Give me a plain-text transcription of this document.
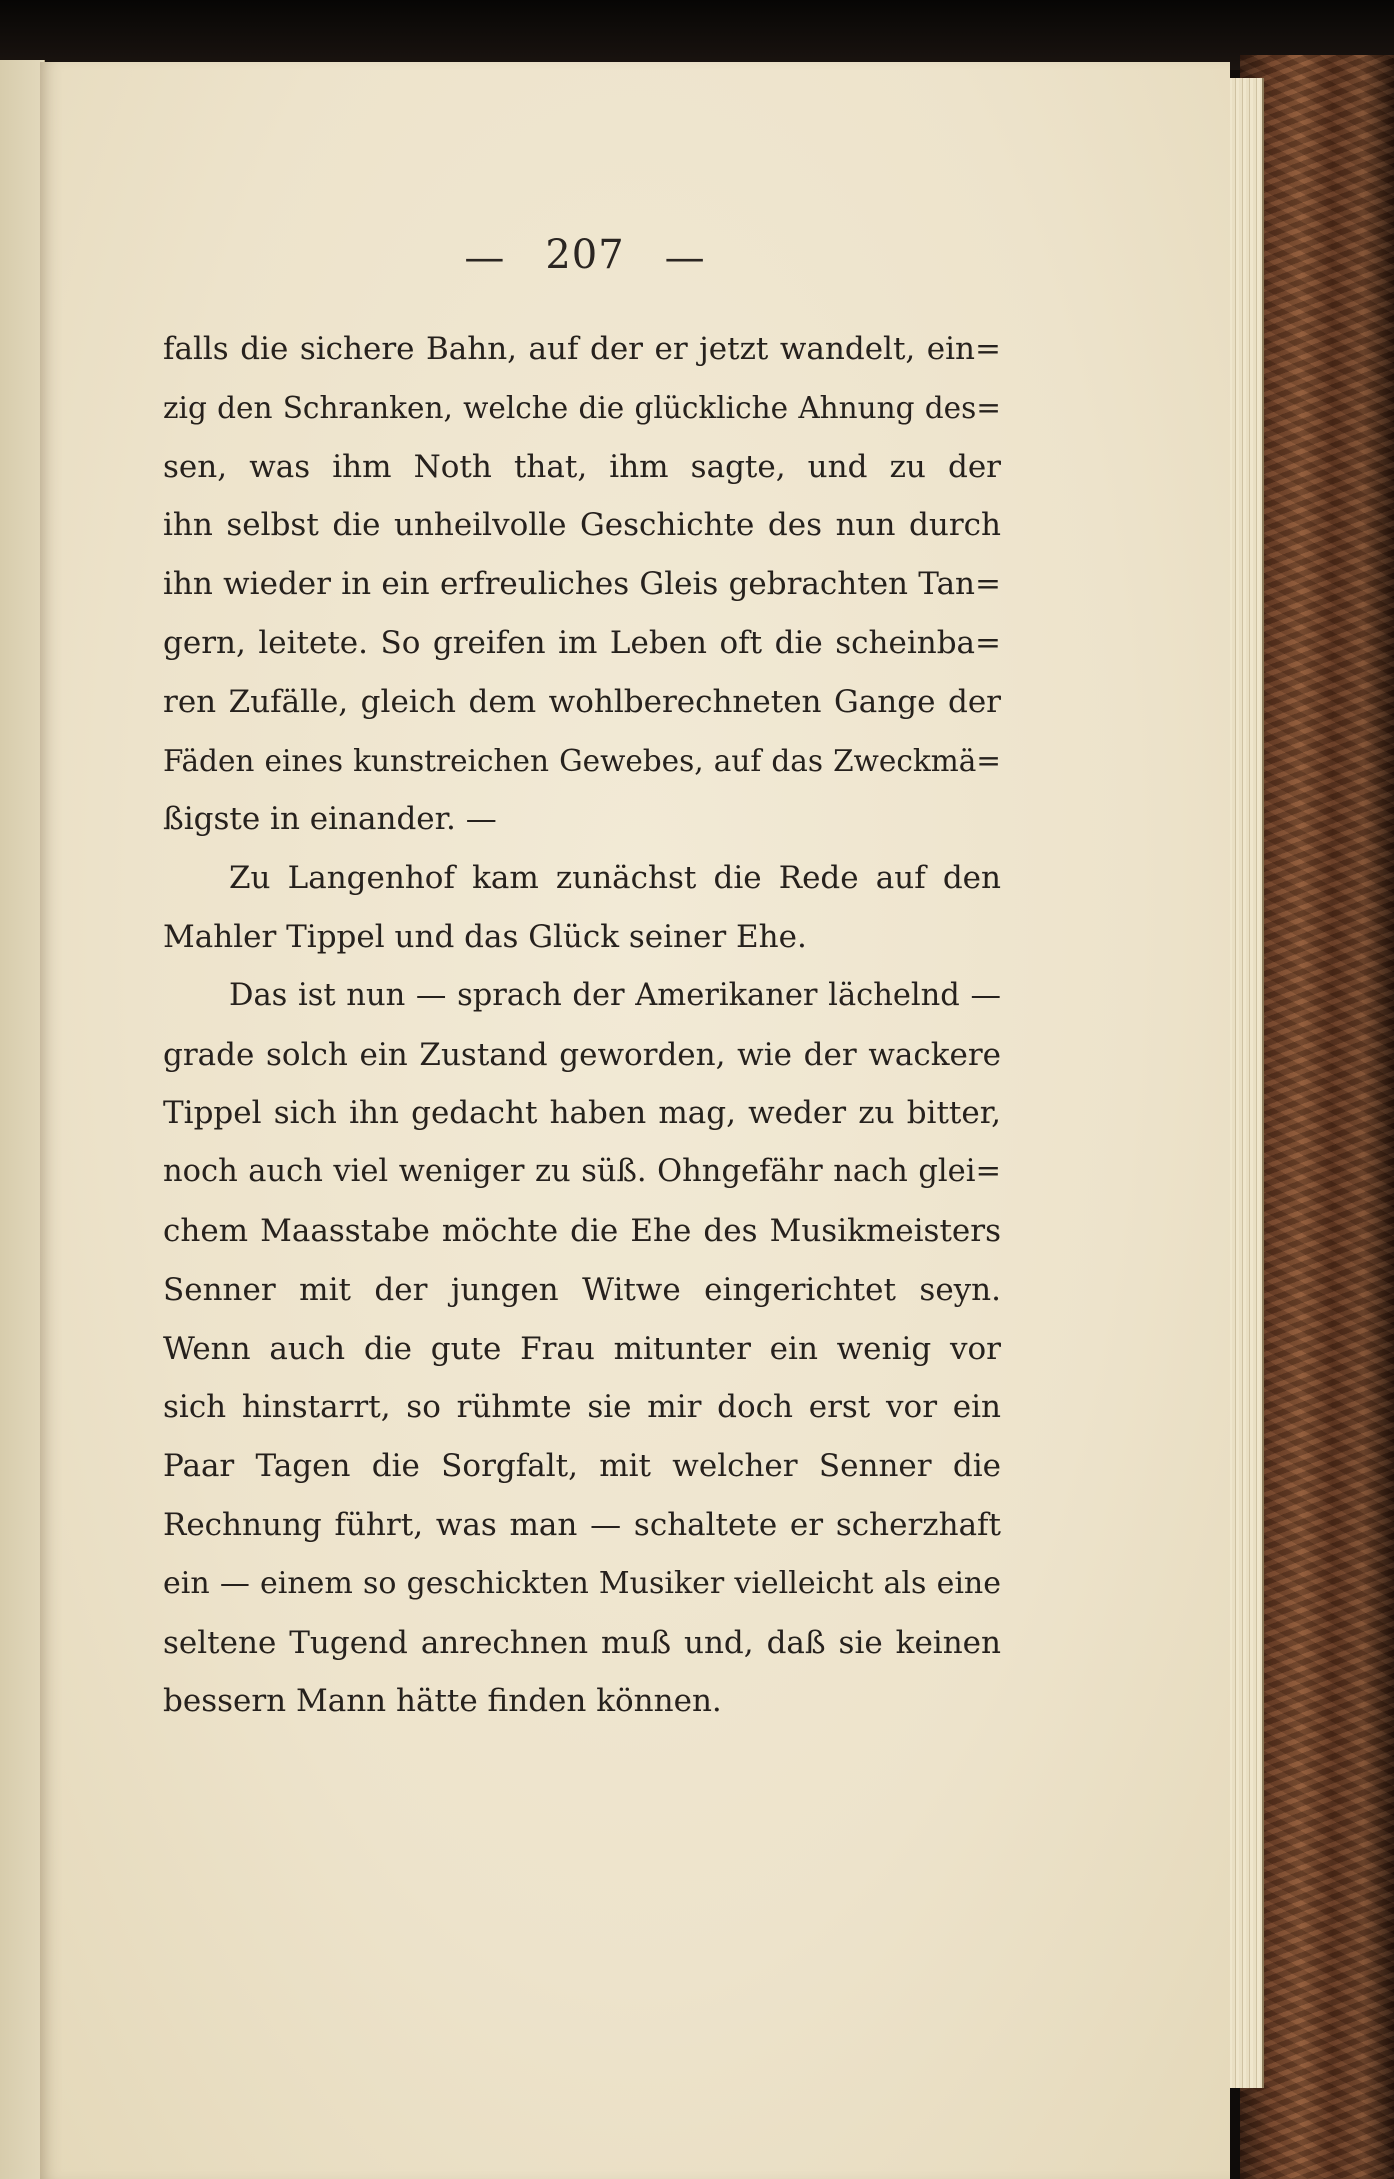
— 207 —
falls die sichere Bahn, auf der er jetzt wandelt, ein=
zig den Schranken, welche die glückliche Ahnung des=
sen, was ihm Noth that, ihm sagte, und zu der
ihn selbst die unheilvolle Geschichte des nun durch
ihn wieder in ein erfreuliches Gleis gebrachten Tan=
gern, leitete. So greifen im Leben oft die scheinba=
ren Zufälle, gleich dem wohlberechneten Gange der
Fäden eines kunstreichen Gewebes, auf das Zweckmä=
ßigste in einander. —
Zu Langenhof kam zunächst die Rede auf den
Mahler Tippel und das Glück seiner Ehe.
Das ist nun — sprach der Amerikaner lächelnd —
grade solch ein Zustand geworden, wie der wackere
Tippel sich ihn gedacht haben mag, weder zu bitter,
noch auch viel weniger zu süß. Ohngefähr nach glei=
chem Maasstabe möchte die Ehe des Musikmeisters
Senner mit der jungen Witwe eingerichtet seyn.
Wenn auch die gute Frau mitunter ein wenig vor
sich hinstarrt, so rühmte sie mir doch erst vor ein
Paar Tagen die Sorgfalt, mit welcher Senner die
Rechnung führt, was man — schaltete er scherzhaft
ein — einem so geschickten Musiker vielleicht als eine
seltene Tugend anrechnen muß und, daß sie keinen
bessern Mann hätte finden können.
